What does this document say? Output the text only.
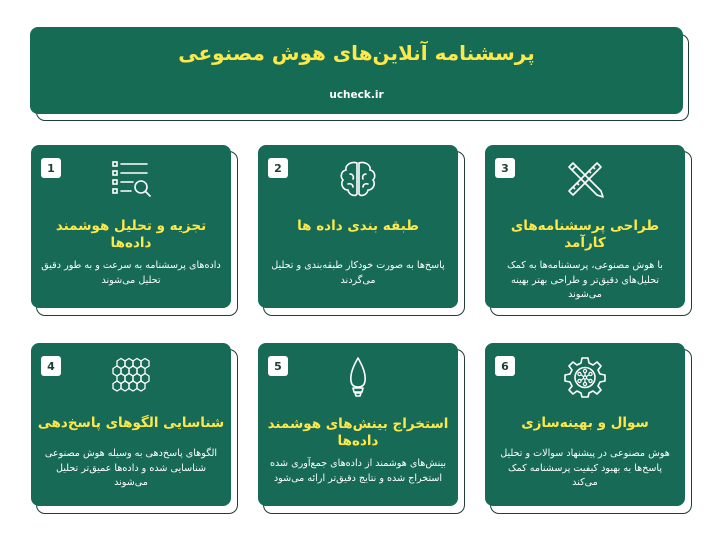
پرسشنامه آنلاین‌های هوش مصنوعی
ucheck.ir
1
تجزیه و تحلیل هوشمند داده‌ها
داده‌های پرسشنامه به سرعت و به طور دقیق تحلیل می‌شوند
2
طبقه بندی داده ها
پاسخ‌ها به صورت خودکار طبقه‌بندی و تحلیل می‌گردند
3
طراحی پرسشنامه‌های کارآمد
با هوش مصنوعی، پرسشنامه‌ها به کمک تحلیل‌های دقیق‌تر و طراحی بهتر بهینه می‌شوند
4
شناسایی الگوهای پاسخ‌دهی
الگوهای پاسخ‌دهی به وسیله هوش مصنوعی شناسایی شده و داده‌ها عمیق‌تر تحلیل می‌شوند
5
استخراج بینش‌های هوشمند داده‌ها
بینش‌های هوشمند از داده‌های جمع‌آوری شده استخراج شده و نتایج دقیق‌تر ارائه می‌شود
6
سوال و بهینه‌سازی
هوش مصنوعی در پیشنهاد سوالات و تحلیل پاسخ‌ها به بهبود کیفیت پرسشنامه کمک می‌کند
